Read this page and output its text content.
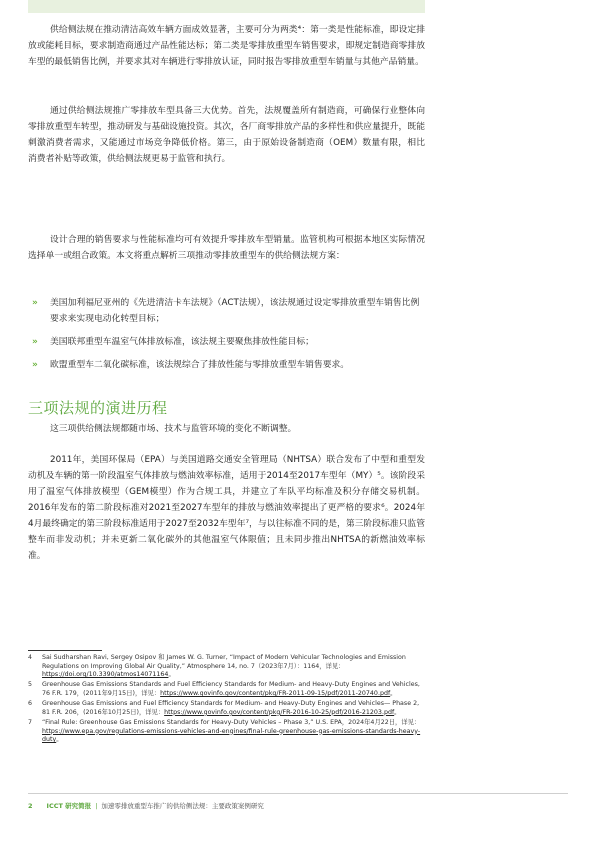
供给侧法规在推动清洁高效车辆方面成效显著，主要可分为两类⁴：第一类是性能标准，即设定排放或能耗目标，要求制造商通过产品性能达标；第二类是零排放重型车销售要求，即规定制造商零排放车型的最低销售比例，并要求其对车辆进行零排放认证，同时报告零排放重型车销量与其他产品销量。

通过供给侧法规推广零排放车型具备三大优势。首先，法规覆盖所有制造商，可确保行业整体向零排放重型车转型，推动研发与基础设施投资。其次，各厂商零排放产品的多样性和供应量提升，既能刺激消费者需求，又能通过市场竞争降低价格。第三，由于原始设备制造商（OEM）数量有限，相比消费者补贴等政策，供给侧法规更易于监管和执行。

设计合理的销售要求与性能标准均可有效提升零排放车型销量。监管机构可根据本地区实际情况选择单一或组合政策。本文将重点解析三项推动零排放重型车的供给侧法规方案：

» 美国加利福尼亚州的《先进清洁卡车法规》（ACT法规），该法规通过设定零排放重型车销售比例要求来实现电动化转型目标；
» 美国联邦重型车温室气体排放标准，该法规主要聚焦排放性能目标；
» 欧盟重型车二氧化碳标准，该法规综合了排放性能与零排放重型车销售要求。
三项法规的演进历程

这三项供给侧法规都随市场、技术与监管环境的变化不断调整。

2011年，美国环保局（EPA）与美国道路交通安全管理局（NHTSA）联合发布了中型和重型发动机及车辆的第一阶段温室气体排放与燃油效率标准，适用于2014至2017车型年（MY）⁵。该阶段采用了温室气体排放模型（GEM模型）作为合规工具，并建立了车队平均标准及积分存储交易机制。2016年发布的第二阶段标准对2021至2027车型年的排放与燃油效率提出了更严格的要求⁶。2024年4月最终确定的第三阶段标准适用于2027至2032车型年⁷，与以往标准不同的是，第三阶段标准只监管整车而非发动机；并未更新二氧化碳外的其他温室气体限值；且未同步推出NHTSA的新燃油效率标准。

4 Sai Sudharshan Ravi, Sergey Osipov 和 James W. G. Turner, “Impact of Modern Vehicular Technologies and Emission Regulations on Improving Global Air Quality,” Atmosphere 14, no. 7（2023年7月）：1164，详见：https://doi.org/10.3390/atmos14071164。
5 Greenhouse Gas Emissions Standards and Fuel Efficiency Standards for Medium- and Heavy-Duty Engines and Vehicles, 76 F.R. 179，(2011年9月15日)，详见：https://www.govinfo.gov/content/pkg/FR-2011-09-15/pdf/2011-20740.pdf。
6 Greenhouse Gas Emissions and Fuel Efficiency Standards for Medium- and Heavy-Duty Engines and Vehicles— Phase 2, 81 F.R. 206，(2016年10月25日)，详见：https://www.govinfo.gov/content/pkg/FR-2016-10-25/pdf/2016-21203.pdf。
7 “Final Rule: Greenhouse Gas Emissions Standards for Heavy-Duty Vehicles – Phase 3,” U.S. EPA，2024年4月22日，详见：https://www.epa.gov/regulations-emissions-vehicles-and-engines/final-rule-greenhouse-gas-emissions-standards-heavy-duty。
2 ICCT 研究简报 | 加速零排放重型车推广的供给侧法规：主要政策案例研究
